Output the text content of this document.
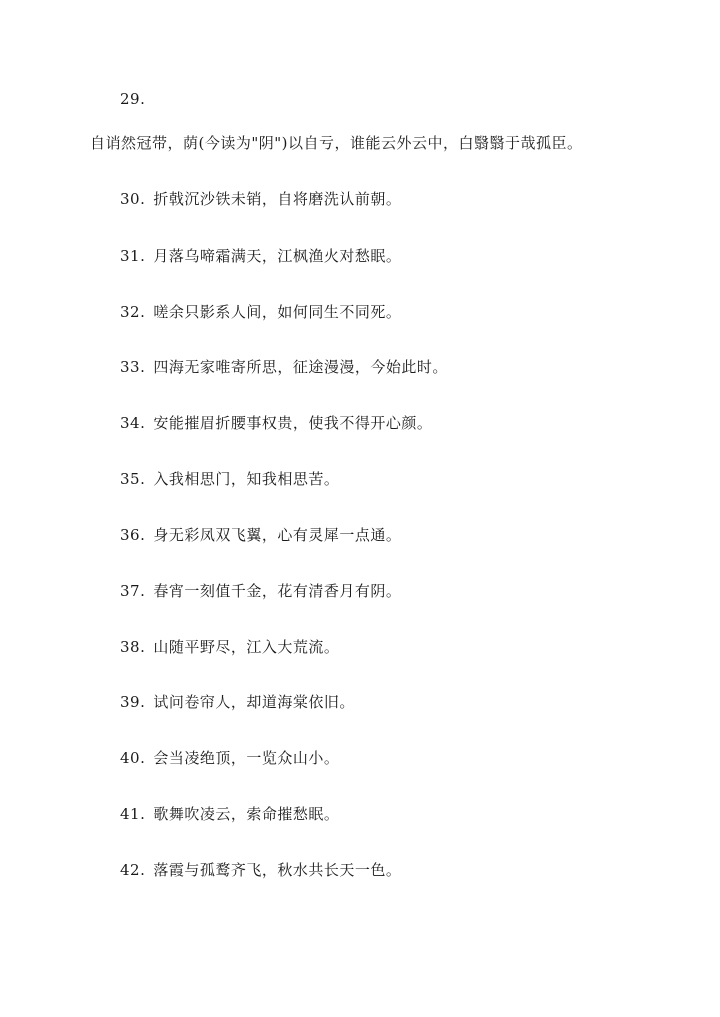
29.
自诮然冠带，荫(今读为"阴")以自亏，谁能云外云中，白翳翳于哉孤臣。
30. 折戟沉沙铁未销，自将磨洗认前朝。
31. 月落乌啼霜满天，江枫渔火对愁眠。
32. 嗟余只影系人间，如何同生不同死。
33. 四海无家唯寄所思，征途漫漫，今始此时。
34. 安能摧眉折腰事权贵，使我不得开心颜。
35. 入我相思门，知我相思苦。
36. 身无彩凤双飞翼，心有灵犀一点通。
37. 春宵一刻值千金，花有清香月有阴。
38. 山随平野尽，江入大荒流。
39. 试问卷帘人，却道海棠依旧。
40. 会当凌绝顶，一览众山小。
41. 歌舞吹凌云，索命摧愁眠。
42. 落霞与孤鹜齐飞，秋水共长天一色。
